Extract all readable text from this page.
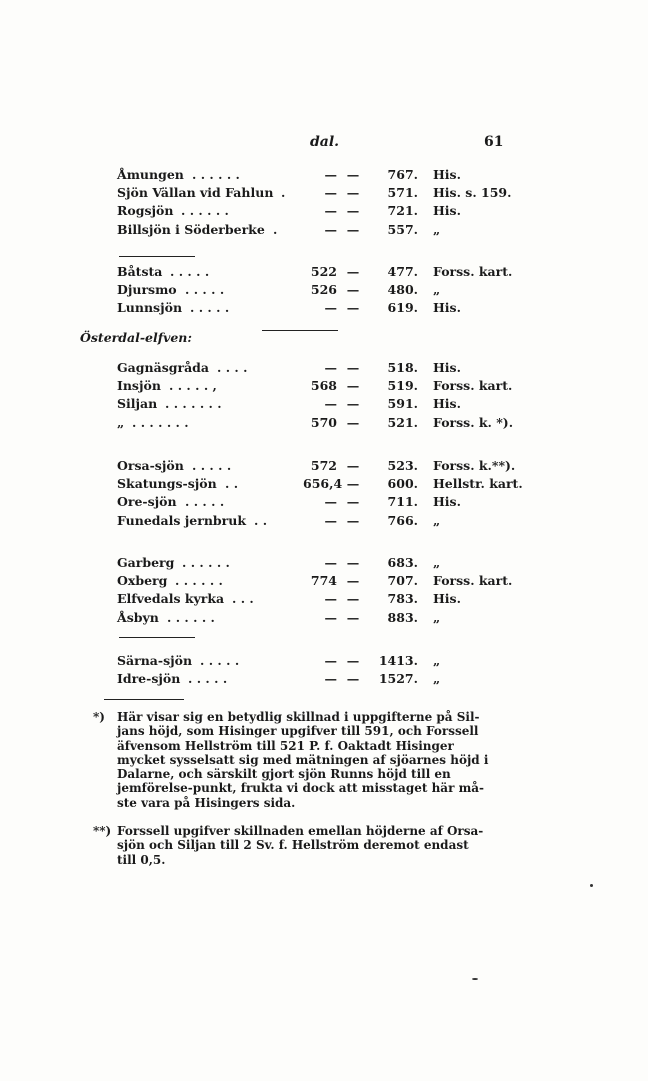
dal.	61
Åmungen . . . . . .	— —	767. His.
Sjön Vällan vid Fahlun .	— —	571. His. s. 159.
Rogsjön . . . . . .	— —	721. His.
Billsjön i Söderberke .	— —	557. „
Båtsta . . . . .	522 —	477. Forss. kart.
Djursmo . . . . .	526 —	480. „
Lunnsjön . . . . .	— —	619. His.
Gagnäsgråda . . . .	— —	518. His.
Insjön . . . . . ,	568 —	519. Forss. kart.
Siljan . . . . . . .	— —	591. His.
„ . . . . . . .	570 —	521. Forss. k. *).
Orsa-sjön . . . . .	572 —	523. Forss. k.**).
Skatungs-sjön . .	656,4 —	600. Hellstr. kart.
Ore-sjön . . . . .	— —	711. His.
Funedals jernbruk . .	— —	766. „
Garberg . . . . . .	— —	683. „
Oxberg . . . . . .	774 —	707. Forss. kart.
Elfvedals kyrka . . .	— —	783. His.
Åsbyn . . . . . .	— —	883. „
Särna-sjön . . . . .	— —	1413. „
Idre-sjön . . . . .	— —	1527. „
Österdal-elfven:
*) Här visar sig en betydlig skillnad i uppgifterne på Sil-
jans höjd, som Hisinger upgifver till 591, och Forssell
äfvensom Hellström till 521 P. f. Oaktadt Hisinger
mycket sysselsatt sig med mätningen af sjöarnes höjd i
Dalarne, och särskilt gjort sjön Runns höjd till en
jemförelse-punkt, frukta vi dock att misstaget här må-
ste vara på Hisingers sida.
**) Forssell upgifver skillnaden emellan höjderne af Orsa-
sjön och Siljan till 2 Sv. f. Hellström deremot endast
till 0,5.
